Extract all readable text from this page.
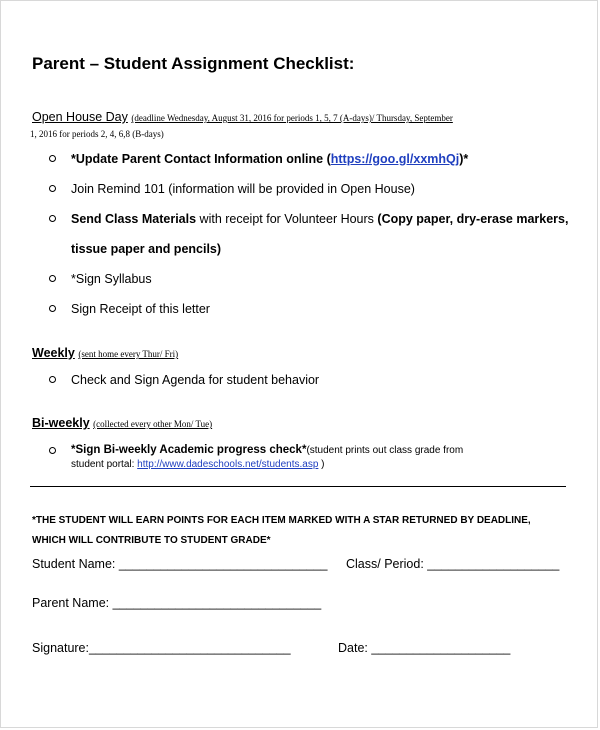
Parent – Student Assignment Checklist:
Open House Day (deadline Wednesday, August 31, 2016 for periods 1, 5, 7 (A-days)/ Thursday, September
1, 2016 for periods 2, 4, 6,8 (B-days)
*Update Parent Contact Information online (https://goo.gl/xxmhQj)*
Join Remind 101 (information will be provided in Open House)
Send Class Materials with receipt for Volunteer Hours (Copy paper, dry-erase markers, tissue paper and pencils)
*Sign Syllabus
Sign Receipt of this letter
Weekly (sent home every Thur/ Fri)
Check and Sign Agenda for student behavior
Bi-weekly (collected every other Mon/ Tue)
*Sign Bi-weekly Academic progress check*(student prints out class grade from
student portal: http://www.dadeschools.net/students.asp )
*THE STUDENT WILL EARN POINTS FOR EACH ITEM MARKED WITH A STAR RETURNED BY DEADLINE, WHICH WILL CONTRIBUTE TO STUDENT GRADE*
Student Name: ______________________________ Class/ Period: ___________________
Parent Name: ______________________________
Signature:_____________________________	Date: ____________________
